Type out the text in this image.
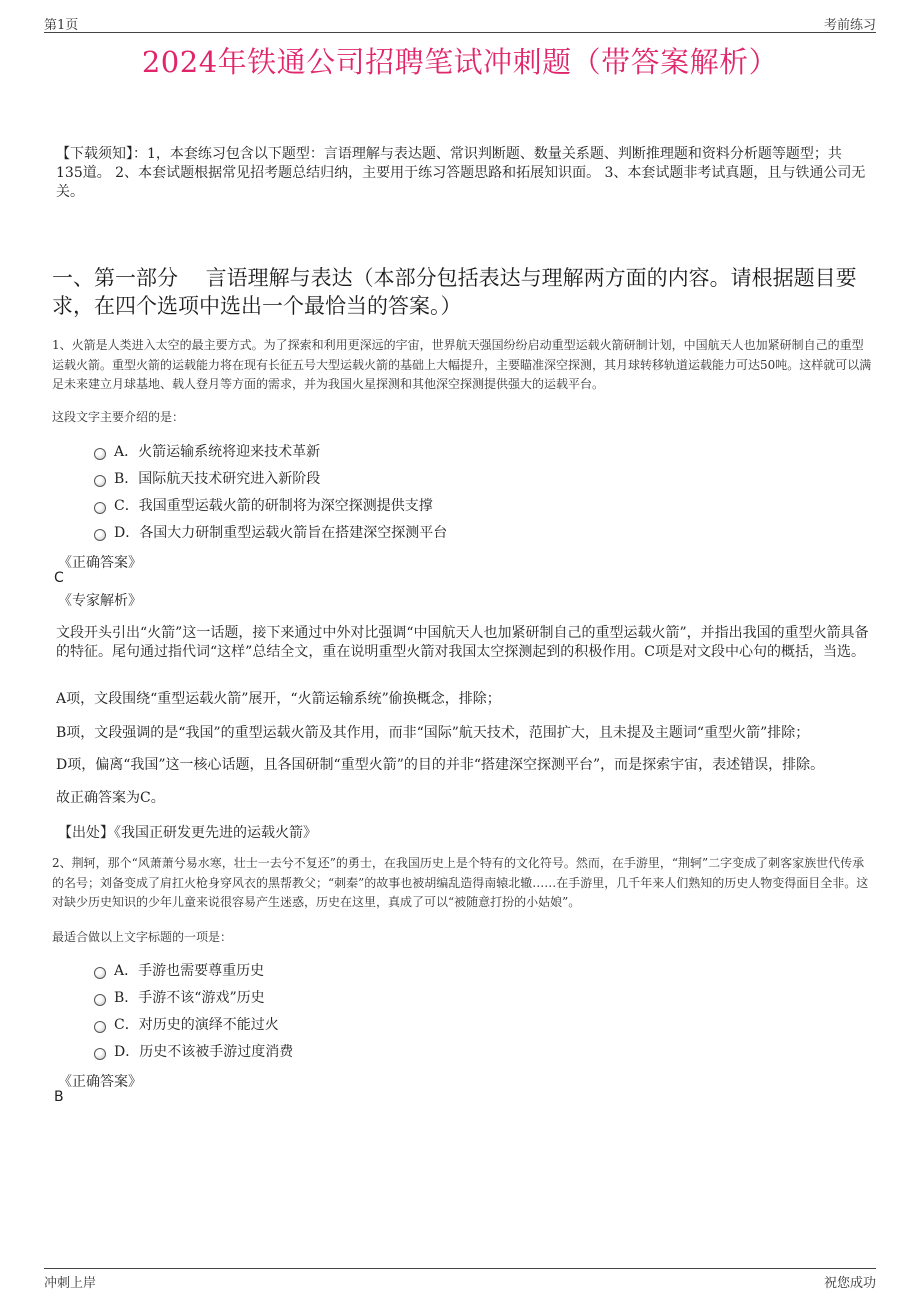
第1页	考前练习
2024年铁通公司招聘笔试冲刺题（带答案解析）
【下载须知】：1，本套练习包含以下题型：言语理解与表达题、常识判断题、数量关系题、判断推理题和资料分析题等题型；共135道。 2、本套试题根据常见招考题总结归纳，主要用于练习答题思路和拓展知识面。 3、本套试题非考试真题，且与铁通公司无关。
一、第一部分　 言语理解与表达（本部分包括表达与理解两方面的内容。请根据题目要求，在四个选项中选出一个最恰当的答案。）
1、火箭是人类进入太空的最主要方式。为了探索和利用更深远的宇宙，世界航天强国纷纷启动重型运载火箭研制计划，中国航天人也加紧研制自己的重型运载火箭。重型火箭的运载能力将在现有长征五号大型运载火箭的基础上大幅提升，主要瞄准深空探测，其月球转移轨道运载能力可达50吨。这样就可以满足未来建立月球基地、载人登月等方面的需求，并为我国火星探测和其他深空探测提供强大的运载平台。
这段文字主要介绍的是：
A．火箭运输系统将迎来技术革新
B．国际航天技术研究进入新阶段
C．我国重型运载火箭的研制将为深空探测提供支撑
D．各国大力研制重型运载火箭旨在搭建深空探测平台
《正确答案》
C
《专家解析》
文段开头引出“火箭”这一话题，接下来通过中外对比强调“中国航天人也加紧研制自己的重型运载火箭”，并指出我国的重型火箭具备的特征。尾句通过指代词“这样”总结全文，重在说明重型火箭对我国太空探测起到的积极作用。C项是对文段中心句的概括，当选。
A项，文段围绕“重型运载火箭”展开，“火箭运输系统”偷换概念，排除；
B项，文段强调的是“我国”的重型运载火箭及其作用，而非“国际”航天技术，范围扩大，且未提及主题词“重型火箭”排除；
D项，偏离“我国”这一核心话题，且各国研制“重型火箭”的目的并非“搭建深空探测平台”，而是探索宇宙，表述错误，排除。
故正确答案为C。
【出处】《我国正研发更先进的运载火箭》
2、荆轲，那个“风萧萧兮易水寒，壮士一去兮不复还”的勇士，在我国历史上是个特有的文化符号。然而，在手游里，“荆轲”二字变成了刺客家族世代传承的名号；刘备变成了肩扛火枪身穿风衣的黑帮教父；“刺秦”的故事也被胡编乱造得南辕北辙……在手游里，几千年来人们熟知的历史人物变得面目全非。这对缺少历史知识的少年儿童来说很容易产生迷惑，历史在这里，真成了可以“被随意打扮的小姑娘”。
最适合做以上文字标题的一项是：
A．手游也需要尊重历史
B．手游不该“游戏”历史
C．对历史的演绎不能过火
D．历史不该被手游过度消费
《正确答案》
B
冲刺上岸	祝您成功
